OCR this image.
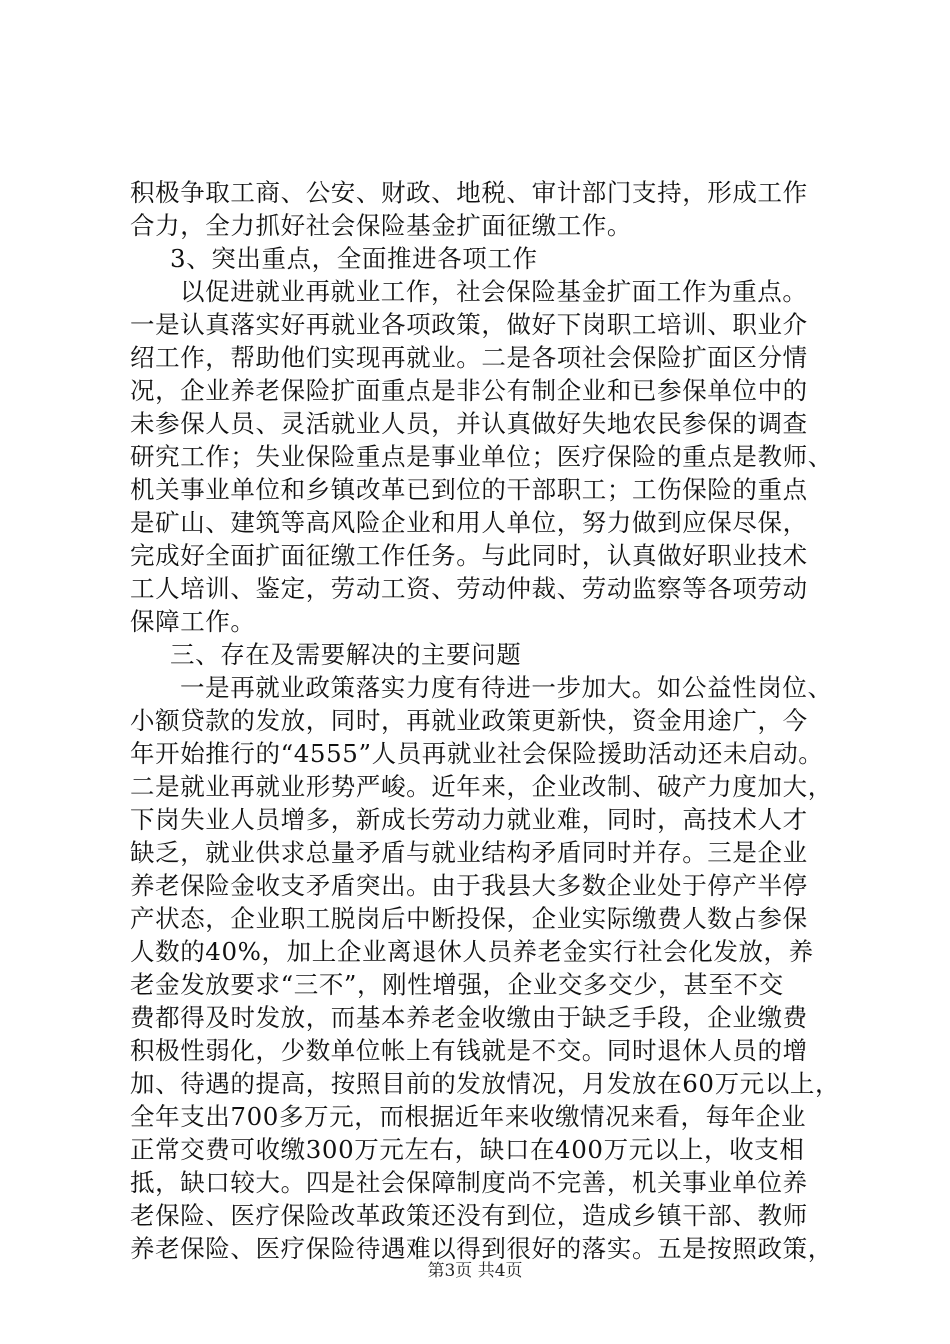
积极争取工商、公安、财政、地税、审计部门支持，形成工作
合力，全力抓好社会保险基金扩面征缴工作。
3、突出重点，全面推进各项工作
以促进就业再就业工作，社会保险基金扩面工作为重点。
一是认真落实好再就业各项政策，做好下岗职工培训、职业介
绍工作，帮助他们实现再就业。二是各项社会保险扩面区分情
况，企业养老保险扩面重点是非公有制企业和已参保单位中的
未参保人员、灵活就业人员，并认真做好失地农民参保的调查
研究工作；失业保险重点是事业单位；医疗保险的重点是教师、
机关事业单位和乡镇改革已到位的干部职工；工伤保险的重点
是矿山、建筑等高风险企业和用人单位，努力做到应保尽保，
完成好全面扩面征缴工作任务。与此同时，认真做好职业技术
工人培训、鉴定，劳动工资、劳动仲裁、劳动监察等各项劳动
保障工作。
三、存在及需要解决的主要问题
一是再就业政策落实力度有待进一步加大。如公益性岗位、
小额贷款的发放，同时，再就业政策更新快，资金用途广，今
年开始推行的“4555”人员再就业社会保险援助活动还未启动。
二是就业再就业形势严峻。近年来，企业改制、破产力度加大，
下岗失业人员增多，新成长劳动力就业难，同时，高技术人才
缺乏，就业供求总量矛盾与就业结构矛盾同时并存。三是企业
养老保险金收支矛盾突出。由于我县大多数企业处于停产半停
产状态，企业职工脱岗后中断投保，企业实际缴费人数占参保
人数的40%，加上企业离退休人员养老金实行社会化发放，养
老金发放要求“三不”，刚性增强，企业交多交少，甚至不交
费都得及时发放，而基本养老金收缴由于缺乏手段，企业缴费
积极性弱化，少数单位帐上有钱就是不交。同时退休人员的增
加、待遇的提高，按照目前的发放情况，月发放在60万元以上，
全年支出700多万元，而根据近年来收缴情况来看，每年企业
正常交费可收缴300万元左右，缺口在400万元以上，收支相
抵，缺口较大。四是社会保障制度尚不完善，机关事业单位养
老保险、医疗保险改革政策还没有到位，造成乡镇干部、教师
养老保险、医疗保险待遇难以得到很好的落实。五是按照政策，
第3页 共4页
